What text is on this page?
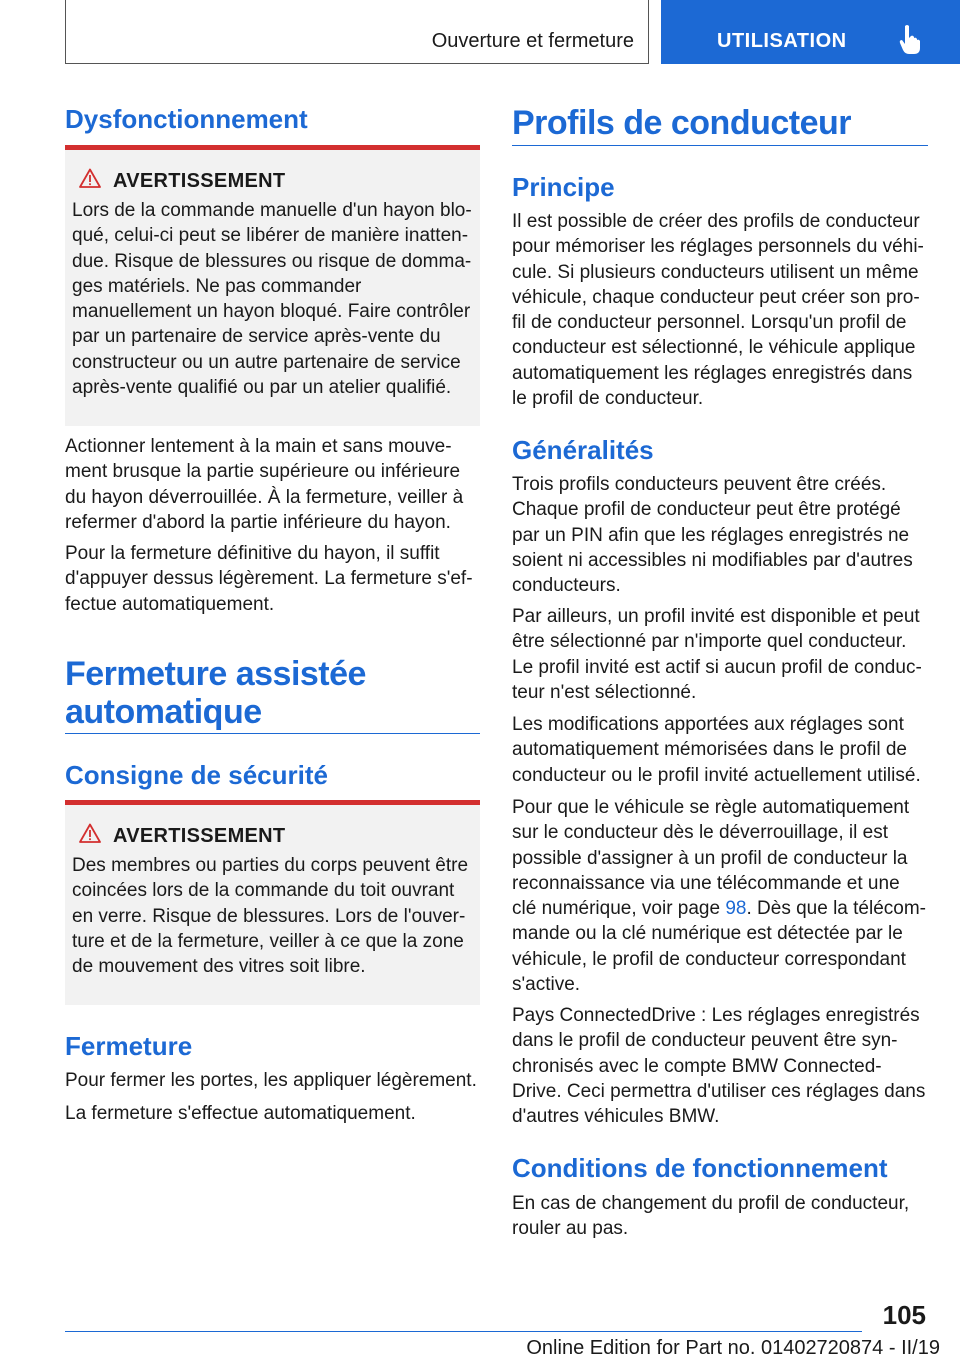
Ouverture et fermeture	UTILISATION
Dysfonctionnement
AVERTISSEMENT
Lors de la commande manuelle d'un hayon blo-
qué, celui-ci peut se libérer de manière inatten-
due. Risque de blessures ou risque de domma-
ges matériels. Ne pas commander
manuellement un hayon bloqué. Faire contrôler
par un partenaire de service après-vente du
constructeur ou un autre partenaire de service
après-vente qualifié ou par un atelier qualifié.
Actionner lentement à la main et sans mouve-
ment brusque la partie supérieure ou inférieure
du hayon déverrouillée. À la fermeture, veiller à
refermer d'abord la partie inférieure du hayon.
Pour la fermeture définitive du hayon, il suffit
d'appuyer dessus légèrement. La fermeture s'ef-
fectue automatiquement.
Fermeture assistée
automatique
Consigne de sécurité
AVERTISSEMENT
Des membres ou parties du corps peuvent être
coincées lors de la commande du toit ouvrant
en verre. Risque de blessures. Lors de l'ouver-
ture et de la fermeture, veiller à ce que la zone
de mouvement des vitres soit libre.
Fermeture
Pour fermer les portes, les appliquer légèrement.
La fermeture s'effectue automatiquement.
Profils de conducteur
Principe
Il est possible de créer des profils de conducteur
pour mémoriser les réglages personnels du véhi-
cule. Si plusieurs conducteurs utilisent un même
véhicule, chaque conducteur peut créer son pro-
fil de conducteur personnel. Lorsqu'un profil de
conducteur est sélectionné, le véhicule applique
automatiquement les réglages enregistrés dans
le profil de conducteur.
Généralités
Trois profils conducteurs peuvent être créés.
Chaque profil de conducteur peut être protégé
par un PIN afin que les réglages enregistrés ne
soient ni accessibles ni modifiables par d'autres
conducteurs.
Par ailleurs, un profil invité est disponible et peut
être sélectionné par n'importe quel conducteur.
Le profil invité est actif si aucun profil de conduc-
teur n'est sélectionné.
Les modifications apportées aux réglages sont
automatiquement mémorisées dans le profil de
conducteur ou le profil invité actuellement utilisé.
Pour que le véhicule se règle automatiquement
sur le conducteur dès le déverrouillage, il est
possible d'assigner à un profil de conducteur la
reconnaissance via une télécommande et une
clé numérique, voir page 98. Dès que la télécom-
mande ou la clé numérique est détectée par le
véhicule, le profil de conducteur correspondant
s'active.
Pays ConnectedDrive : Les réglages enregistrés
dans le profil de conducteur peuvent être syn-
chronisés avec le compte BMW Connected-
Drive. Ceci permettra d'utiliser ces réglages dans
d'autres véhicules BMW.
Conditions de fonctionnement
En cas de changement du profil de conducteur,
rouler au pas.
105
Online Edition for Part no. 01402720874 - II/19
